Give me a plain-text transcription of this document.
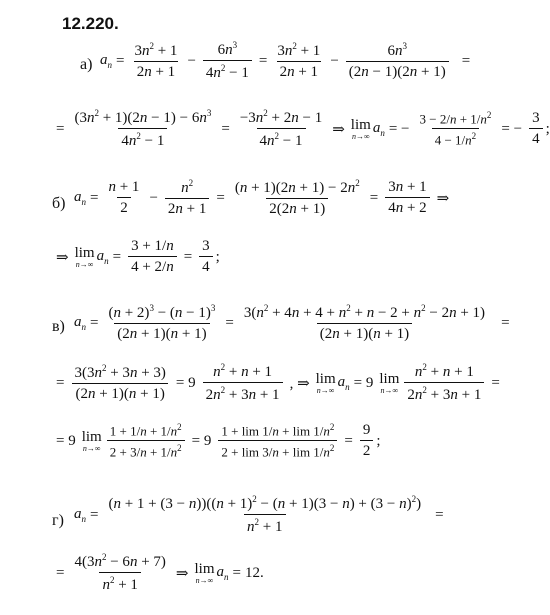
12.220.
а) $a_n = \frac{3n^2 + 1}{2n + 1} - \frac{6n^3}{4n^2 - 1} = \frac{3n^2 + 1}{2n + 1} - \frac{6n^3}{(2n - 1)(2n + 1)}$ =
= $\frac{(3n^2 + 1)(2n - 1) - 6n^3}{4n^2 - 1} = \frac{-3n^2 + 2n - 1}{4n^2 - 1}$ ⇒ lim
n→∞
$a_n$ = − $\frac{3 - 2/n + 1/n^2}{4 - 1/n^2}$ = − $\frac{3}{4}$ ;
б) $a_n = \frac{n + 1}{2} - \frac{n^2}{2n + 1} = \frac{(n + 1)(2n + 1) - 2n^2}{2(2n + 1)} = \frac{3n + 1}{4n + 2}$ ⇒
⇒ lim
n→∞
$a_n = \frac{3 + 1/n}{4 + 2/n} = \frac{3}{4}$ ;
в) $a_n = \frac{(n + 2)^3 - (n - 1)^3}{(2n + 1)(n + 1)} = \frac{3(n^2 + 4n + 4 + n^2 + n - 2 + n^2 - 2n + 1)}{(2n + 1)(n + 1)}$ =
= $\frac{3(3n^2 + 3n + 3)}{(2n + 1)(n + 1)} = 9 \frac{n^2 + n + 1}{2n^2 + 3n + 1}$ , ⇒ lim
n→∞
$a_n = 9$ lim
$n\to\infty \frac{n^2 + n + 1}{2n^2 + 3n + 1}$ =
= 9 lim
$n\to\infty \frac{1 + 1/n + 1/n^2}{2 + 3/n + 1/n^2} = 9 \frac{1 + \lim 1/n + \lim 1/n^2}{2 + \lim 3/n + \lim 1/n^2} = \frac{9}{2}$ ;
г) $a_n = \frac{(n + 1 + (3 - n))((n + 1)^2 - (n + 1)(3 - n) + (3 - n)^2)}{n^2 + 1}$ =
= $\frac{4(3n^2 - 6n + 7)}{n^2 + 1}$ ⇒ lim
n→∞
$a_n = 12$ .
